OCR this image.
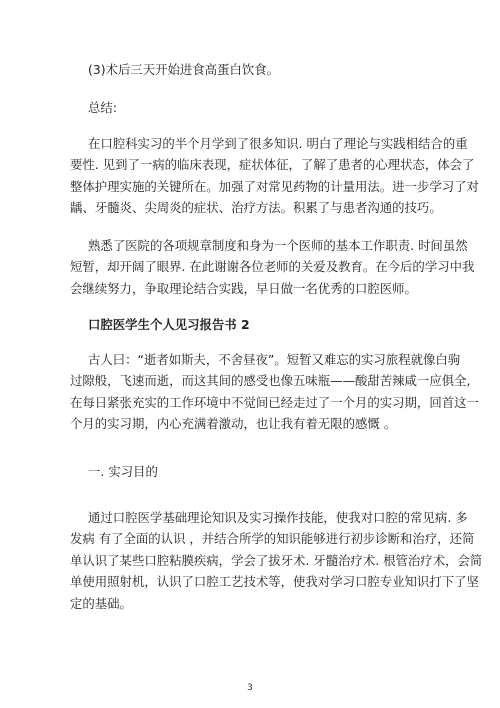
(3)术后三天开始进食高蛋白饮食。

总结:

在口腔科实习的半个月学到了很多知识. 明白了理论与实践相结合的重

要性. 见到了一病的临床表现，症状体征，了解了患者的心理状态，体会了

整体护理实施的关键所在。加强了对常见药物的计量用法。进一步学习了对

龋、牙髓炎、尖周炎的症状、治疗方法。积累了与患者沟通的技巧。

熟悉了医院的各项规章制度和身为一个医师的基本工作职责. 时间虽然

短暂，却开阔了眼界. 在此谢谢各位老师的关爱及教育。在今后的学习中我

会继续努力，争取理论结合实践，早日做一名优秀的口腔医师。

口腔医学生个人见习报告书 2

古人曰：“逝者如斯夫，不舍昼夜”。短暂又难忘的实习旅程就像白驹

过隙般，飞速而逝，而这其间的感受也像五味瓶——酸甜苦辣咸一应俱全,

在每日紧张充实的工作环境中不觉间已经走过了一个月的实习期，回首这一

个月的实习期，内心充满着激动，也让我有着无限的感慨 。

一. 实习目的

通过口腔医学基础理论知识及实习操作技能，使我对口腔的常见病. 多

发病 有了全面的认识 ，并结合所学的知识能够进行初步诊断和治疗，还简

单认识了某些口腔粘膜疾病，学会了拔牙术. 牙髓治疗术. 根管治疗术，会简

单使用照射机，认识了口腔工艺技术等，使我对学习口腔专业知识打下了坚

定的基础。

3
